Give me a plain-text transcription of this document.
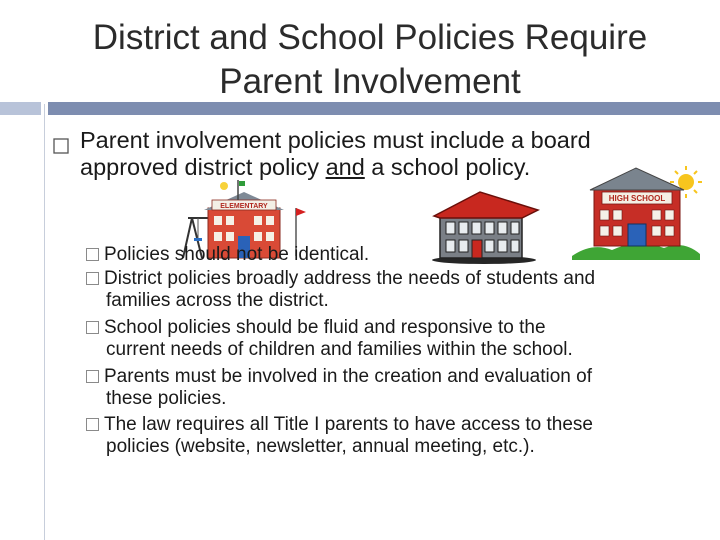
District and School Policies Require
Parent Involvement
Parent involvement policies must include a board approved district policy and a school policy.
ELEMENTARY
HIGH SCHOOL
Policies should not be identical.
District policies broadly address the needs of students and
families across the district.
School policies should be fluid and responsive to the
current needs of children and families within the school.
Parents must be involved in the creation and evaluation of
these policies.
The law requires all Title I parents to have access to these
policies (website, newsletter, annual meeting, etc.).
